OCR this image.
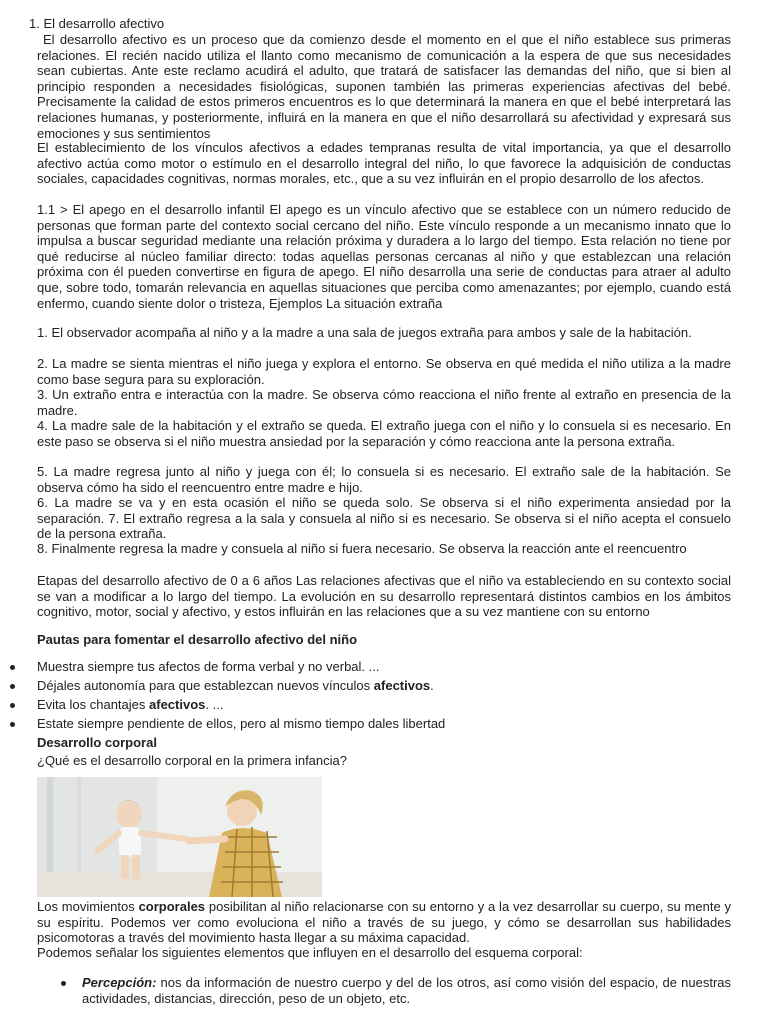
1. El desarrollo afectivo
El desarrollo afectivo es un proceso que da comienzo desde el momento en el que el niño establece sus primeras relaciones. El recién nacido utiliza el llanto como mecanismo de comunicación a la espera de que sus necesidades sean cubiertas. Ante este reclamo acudirá el adulto, que tratará de satisfacer las demandas del niño, que si bien al principio responden a necesidades fisiológicas, suponen también las primeras experiencias afectivas del bebé. Precisamente la calidad de estos primeros encuentros es lo que determinará la manera en que el bebé interpretará las relaciones humanas, y posteriormente, influirá en la manera en que el niño desarrollará su afectividad y expresará sus emociones y sus sentimientos
El establecimiento de los vínculos afectivos a edades tempranas resulta de vital importancia, ya que el desarrollo afectivo actúa como motor o estímulo en el desarrollo integral del niño, lo que favorece la adquisición de conductas sociales, capacidades cognitivas, normas morales, etc., que a su vez influirán en el propio desarrollo de los afectos.
1.1 > El apego en el desarrollo infantil El apego es un vínculo afectivo que se establece con un número reducido de personas que forman parte del contexto social cercano del niño. Este vínculo responde a un mecanismo innato que lo impulsa a buscar seguridad mediante una relación próxima y duradera a lo largo del tiempo. Esta relación no tiene por qué reducirse al núcleo familiar directo: todas aquellas personas cercanas al niño y que establezcan una relación próxima con él pueden convertirse en figura de apego. El niño desarrolla una serie de conductas para atraer al adulto que, sobre todo, tomarán relevancia en aquellas situaciones que perciba como amenazantes; por ejemplo, cuando está enfermo, cuando siente dolor o tristeza, Ejemplos La situación extraña
1. El observador acompaña al niño y a la madre a una sala de juegos extraña para ambos y sale de la habitación.
2. La madre se sienta mientras el niño juega y explora el entorno. Se observa en qué medida el niño utiliza a la madre como base segura para su exploración.
3. Un extraño entra e interactúa con la madre. Se observa cómo reacciona el niño frente al extraño en presencia de la madre.
4. La madre sale de la habitación y el extraño se queda. El extraño juega con el niño y lo consuela si es necesario. En este paso se observa si el niño muestra ansiedad por la separación y cómo reacciona ante la persona extraña.
5. La madre regresa junto al niño y juega con él; lo consuela si es necesario. El extraño sale de la habitación. Se observa cómo ha sido el reencuentro entre madre e hijo.
6. La madre se va y en esta ocasión el niño se queda solo. Se observa si el niño experimenta ansiedad por la separación. 7. El extraño regresa a la sala y consuela al niño si es necesario. Se observa si el niño acepta el consuelo de la persona extraña.
8. Finalmente regresa la madre y consuela al niño si fuera necesario. Se observa la reacción ante el reencuentro
Etapas del desarrollo afectivo de 0 a 6 años Las relaciones afectivas que el niño va estableciendo en su contexto social se van a modificar a lo largo del tiempo. La evolución en su desarrollo representará distintos cambios en los ámbitos cognitivo, motor, social y afectivo, y estos influirán en las relaciones que a su vez mantiene con su entorno
Pautas para fomentar el desarrollo afectivo del niño
Muestra siempre tus afectos de forma verbal y no verbal. ...
Déjales autonomía para que establezcan nuevos vínculos afectivos.
Evita los chantajes afectivos. ...
Estate siempre pendiente de ellos, pero al mismo tiempo dales libertad
Desarrollo corporal
¿Qué es el desarrollo corporal en la primera infancia?
Los movimientos corporales posibilitan al niño relacionarse con su entorno y a la vez desarrollar su cuerpo, su mente y su espíritu. Podemos ver como evoluciona el niño a través de su juego, y cómo se desarrollan sus habilidades psicomotoras a través del movimiento hasta llegar a su máxima capacidad.
Podemos señalar los siguientes elementos que influyen en el desarrollo del esquema corporal:
Percepción: nos da información de nuestro cuerpo y del de los otros, así como visión del espacio, de nuestras actividades, distancias, dirección, peso de un objeto, etc.
